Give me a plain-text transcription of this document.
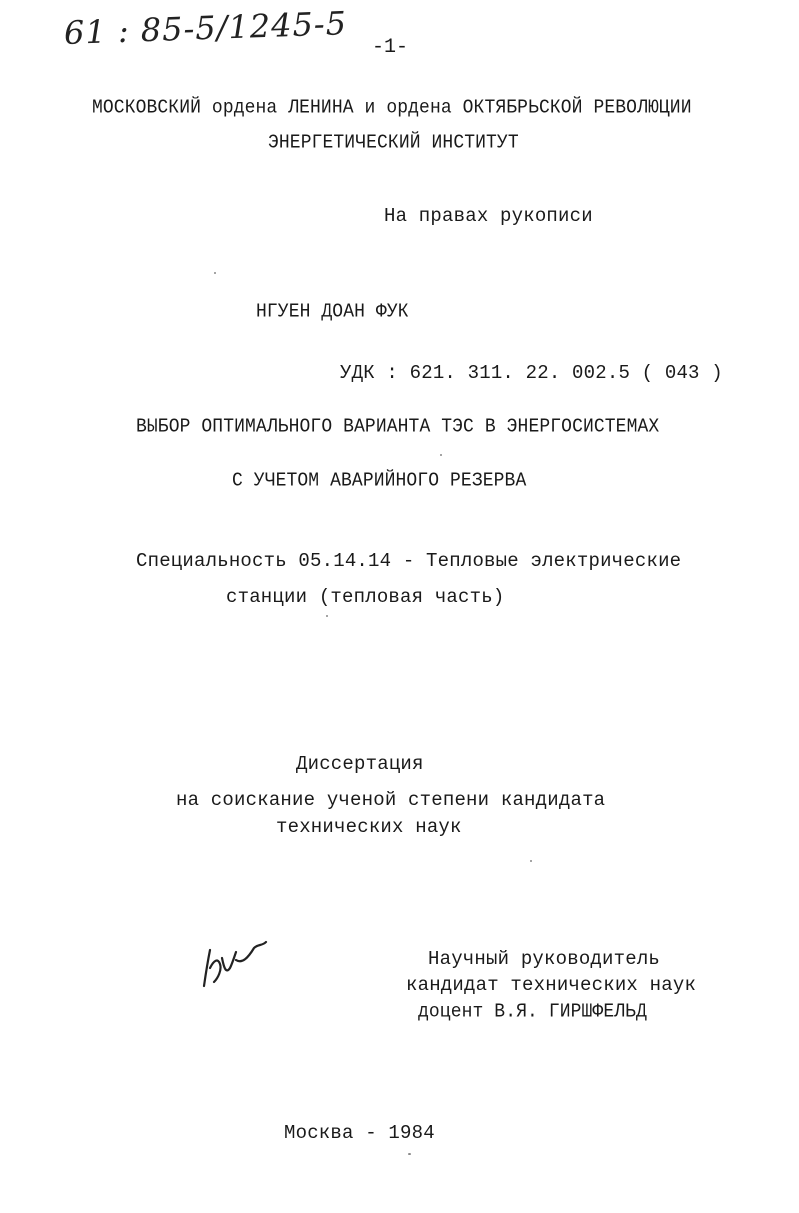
61 : 85-5/1245-5 -1-
МОСКОВСКИЙ ордена ЛЕНИНА и ордена ОКТЯБРЬСКОЙ РЕВОЛЮЦИИ
ЭНЕРГЕТИЧЕСКИЙ ИНСТИТУТ
На правах рукописи
НГУЕН ДОАН ФУК
УДК : 621. 311. 22. 002.5 ( 043 )
ВЫБОР ОПТИМАЛЬНОГО ВАРИАНТА ТЭС В ЭНЕРГОСИСТЕМАХ
С УЧЕТОМ АВАРИЙНОГО РЕЗЕРВА
Специальность 05.14.14 - Тепловые электрические
станции (тепловая часть)
Диссертация
на соискание ученой степени кандидата
технических наук
Научный руководитель
кандидат технических наук
доцент В.Я. ГИРШФЕЛЬД
Москва - 1984
